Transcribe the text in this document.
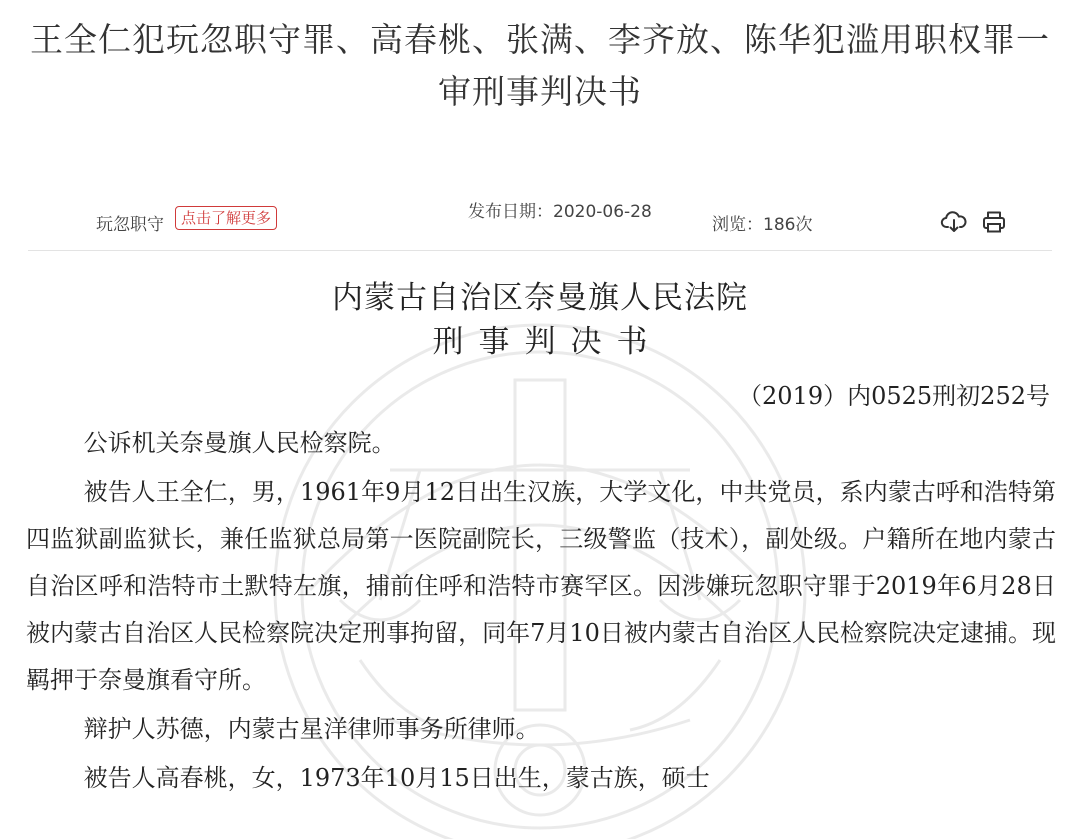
王全仁犯玩忽职守罪、高春桃、张满、李齐放、陈华犯滥用职权罪一
审刑事判决书
玩忽职守	点击了解更多	发布日期：2020-06-28
浏览：186次
内蒙古自治区奈曼旗人民法院
刑事判决书
（2019）内0525刑初252号

公诉机关奈曼旗人民检察院。

被告人王全仁，男，1961年9月12日出生汉族，大学文化，中共党员，系内蒙古呼和浩特第四监狱副监狱长，兼任监狱总局第一医院副院长，三级警监（技术），副处级。户籍所在地内蒙古自治区呼和浩特市土默特左旗，捕前住呼和浩特市赛罕区。因涉嫌玩忽职守罪于2019年6月28日被内蒙古自治区人民检察院决定刑事拘留，同年7月10日被内蒙古自治区人民检察院决定逮捕。现羁押于奈曼旗看守所。

辩护人苏德，内蒙古星洋律师事务所律师。

被告人高春桃，女，1973年10月15日出生，蒙古族，硕士
